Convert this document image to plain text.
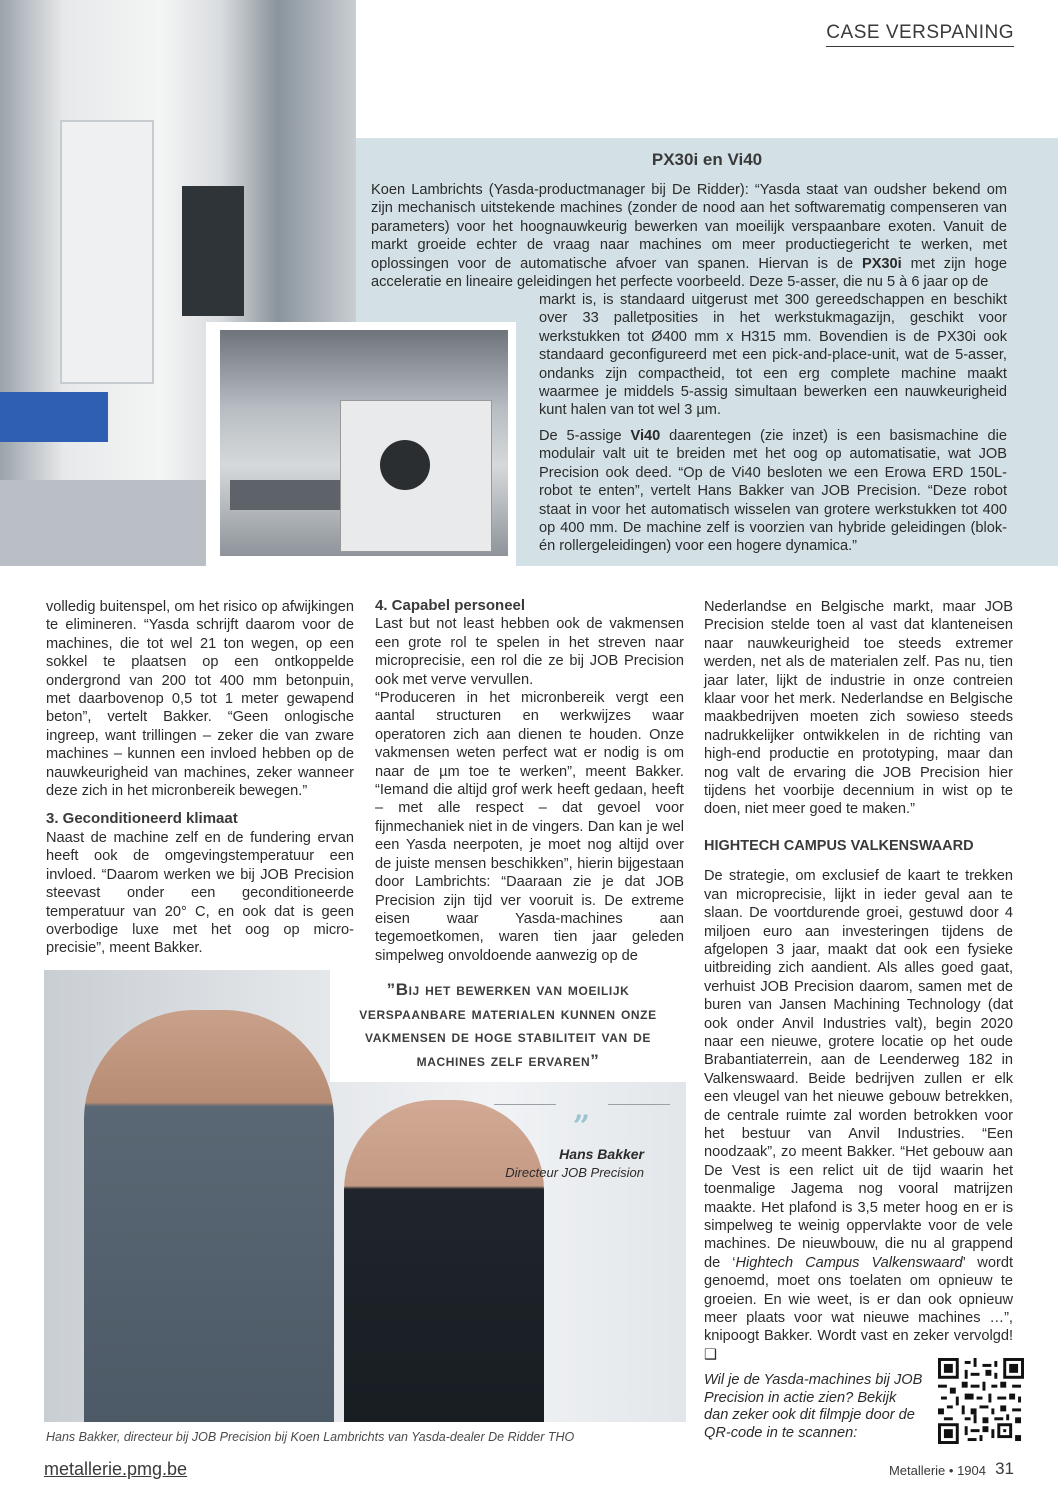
CASE VERSPANING
PX30i en Vi40
Koen Lambrichts (Yasda-productmanager bij De Ridder): “Yasda staat van oudsher bekend om zijn mechanisch uitstekende machines (zonder de nood aan het softwarematig compenseren van parameters) voor het hoognauwkeurig bewerken van moeilijk verspaanbare exoten. Vanuit de markt groeide echter de vraag naar machines om meer productiegericht te werken, met oplossingen voor de automatische afvoer van spanen. Hiervan is de PX30i met zijn hoge acceleratie en lineaire geleidingen het perfecte voorbeeld. Deze 5-asser, die nu 5 à 6 jaar op de
markt is, is standaard uitgerust met 300 gereedschappen en beschikt over 33 palletposities in het werkstukmagazijn, geschikt voor werkstukken tot Ø400 mm x H315 mm. Bovendien is de PX30i ook standaard geconfigureerd met een pick-and-place-unit, wat de 5-asser, ondanks zijn compactheid, tot een erg complete machine maakt waarmee je middels 5-assig simultaan bewerken een nauwkeurigheid kunt halen van tot wel 3 µm.
De 5-assige Vi40 daarentegen (zie inzet) is een basismachine die modulair valt uit te breiden met het oog op automatisatie, wat JOB Precision ook deed. “Op de Vi40 besloten we een Erowa ERD 150L-robot te enten”, vertelt Hans Bakker van JOB Precision. “Deze robot staat in voor het automatisch wisselen van grotere werkstukken tot 400 op 400 mm. De machine zelf is voorzien van hybride geleidingen (blok- én rollergeleidingen) voor een hogere dynamica.”

volledig buitenspel, om het risico op afwijkingen te elimineren. “Yasda schrijft daarom voor de machines, die tot wel 21 ton wegen, op een sokkel te plaatsen op een ontkoppelde ondergrond van 200 tot 400 mm betonpuin, met daarbovenop 0,5 tot 1 meter gewapend beton”, vertelt Bakker. “Geen onlogische ingreep, want trillingen – zeker die van zware machines – kunnen een invloed hebben op de nauwkeurigheid van machines, zeker wanneer deze zich in het micronbereik bewegen.”

3. Geconditioneerd klimaat

Naast de machine zelf en de fundering ervan heeft ook de omgevingstemperatuur een invloed. “Daarom werken we bij JOB Precision steevast onder een geconditioneerde temperatuur van 20° C, en ook dat is geen overbodige luxe met het oog op micro-precisie”, meent Bakker.

4. Capabel personeel

Last but not least hebben ook de vakmensen een grote rol te spelen in het streven naar microprecisie, een rol die ze bij JOB Precision ook met verve vervullen.

“Produceren in het micronbereik vergt een aantal structuren en werkwijzes waar operatoren zich aan dienen te houden. Onze vakmensen weten perfect wat er nodig is om naar de µm toe te werken”, meent Bakker. “Iemand die altijd grof werk heeft gedaan, heeft – met alle respect – dat gevoel voor fijnmechaniek niet in de vingers. Dan kan je wel een Yasda neerpoten, je moet nog altijd over de juiste mensen beschikken”, hierin bijgestaan door Lambrichts: “Daaraan zie je dat JOB Precision zijn tijd ver vooruit is. De extreme eisen waar Yasda-machines aan tegemoetkomen, waren tien jaar geleden simpelweg onvoldoende aanwezig op de

Nederlandse en Belgische markt, maar JOB Precision stelde toen al vast dat klanteneisen naar nauwkeurigheid toe steeds extremer werden, net als de materialen zelf. Pas nu, tien jaar later, lijkt de industrie in onze contreien klaar voor het merk. Nederlandse en Belgische maakbedrijven moeten zich sowieso steeds nadrukkelijker ontwikkelen in de richting van high-end productie en prototyping, maar dan nog valt de ervaring die JOB Precision hier tijdens het voorbije decennium in wist op te doen, niet meer goed te maken.”

HIGHTECH CAMPUS VALKENSWAARD

De strategie, om exclusief de kaart te trekken van microprecisie, lijkt in ieder geval aan te slaan. De voortdurende groei, gestuwd door 4 miljoen euro aan investeringen tijdens de afgelopen 3 jaar, maakt dat ook een fysieke uitbreiding zich aandient. Als alles goed gaat, verhuist JOB Precision daarom, samen met de buren van Jansen Machining Technology (dat ook onder Anvil Industries valt), begin 2020 naar een nieuwe, grotere locatie op het oude Brabantiaterrein, aan de Leenderweg 182 in Valkenswaard. Beide bedrijven zullen er elk een vleugel van het nieuwe gebouw betrekken, de centrale ruimte zal worden betrokken voor het bestuur van Anvil Industries. “Een noodzaak”, zo meent Bakker. “Het gebouw aan De Vest is een relict uit de tijd waarin het toenmalige Jagema nog vooral matrijzen maakte. Het plafond is 3,5 meter hoog en er is simpelweg te weinig oppervlakte voor de vele machines. De nieuwbouw, die nu al grappend de ‘Hightech Campus Valkenswaard’ wordt genoemd, moet ons toelaten om opnieuw te groeien. En wie weet, is er dan ook opnieuw meer plaats voor wat nieuwe machines …”, knipoogt Bakker. Wordt vast en zeker vervolgd! ❑

”Bij het bewerken van moeilijk verspaanbare materialen kunnen onze vakmensen de hoge stabiliteit van de machines zelf ervaren”
„
Hans Bakker
Directeur JOB Precision
Hans Bakker, directeur bij JOB Precision bij Koen Lambrichts van Yasda-dealer De Ridder THO
Wil je de Yasda-machines bij JOB Precision in actie zien? Bekijk dan zeker ook dit filmpje door de QR-code in te scannen:
metallerie.pmg.be	Metallerie • 1904 31
